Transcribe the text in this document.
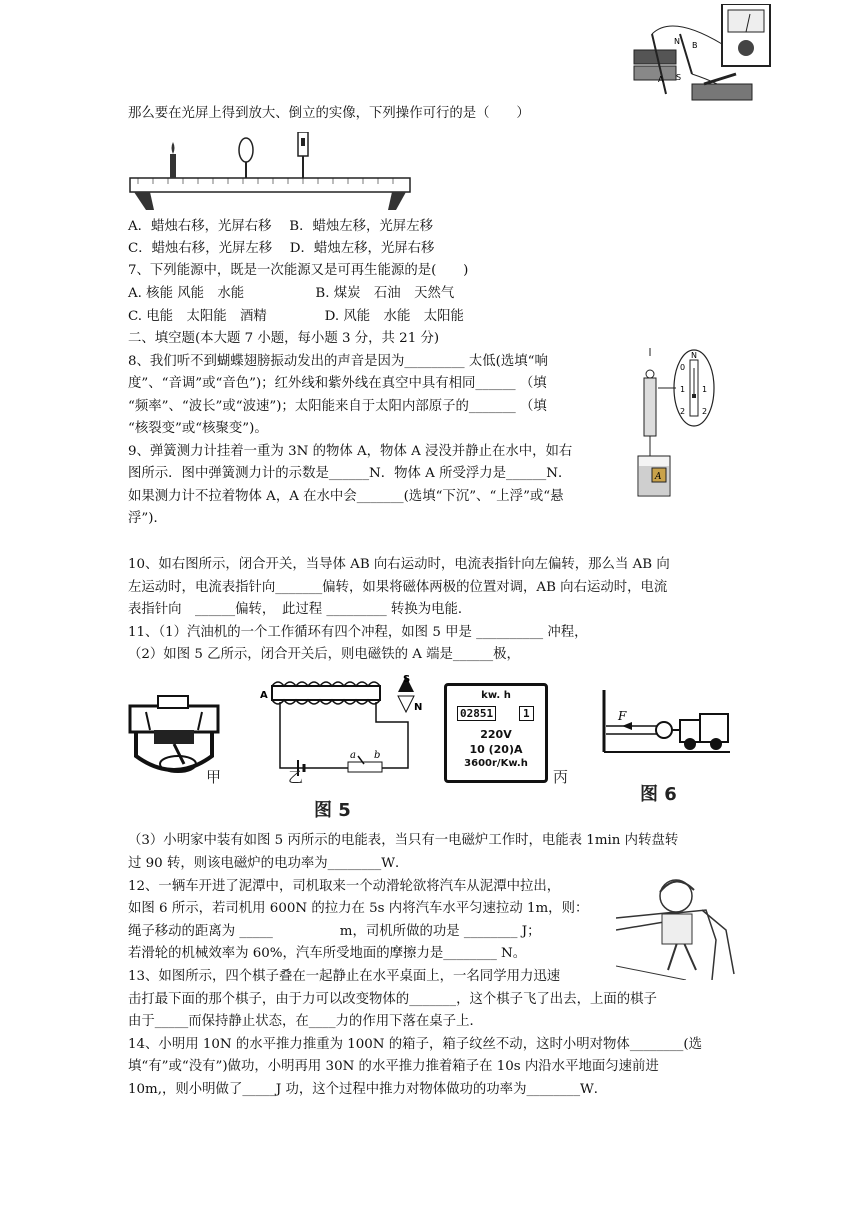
那么要在光屏上得到放大、倒立的实像，下列操作可行的是（　　）
A．蜡烛右移，光屏右移　 B．蜡烛左移，光屏左移
C．蜡烛右移，光屏左移　 D．蜡烛左移，光屏右移
7、下列能源中，既是一次能源又是可再生能源的是(　　)
A. 核能 风能　水能　　　　　 B. 煤炭　石油　天然气
C. 电能　太阳能　酒精　　　　 D. 风能　水能　太阳能
二、填空题(本大题 7 小题，每小题 3 分，共 21 分)
8、我们听不到蝴蝶翅膀振动发出的声音是因为_________ 太低(选填“响
度”、“音调”或“音色”)；红外线和紫外线在真空中具有相同______ （填
“频率”、“波长”或“波速”)；太阳能来自于太阳内部原子的_______ （填
“核裂变”或“核聚变”)。
9、弹簧测力计挂着一重为 3N 的物体 A，物体 A 浸没并静止在水中，如右
图所示．图中弹簧测力计的示数是______N．物体 A 所受浮力是______N．
如果测力计不拉着物体 A，A 在水中会_______(选填“下沉”、“上浮”或“悬
浮”)．
10、如右图所示，闭合开关，当导体 AB 向右运动时，电流表指针向左偏转，那么当 AB 向
左运动时，电流表指针向_______偏转，如果将磁体两极的位置对调，AB 向右运动时，电流
表指针向　______偏转，　此过程 _________ 转换为电能．
11、（1）汽油机的一个工作循环有四个冲程，如图 5 甲是 __________ 冲程，
（2）如图 5 乙所示，闭合开关后，则电磁铁的 A 端是______极，
（3）小明家中装有如图 5 丙所示的电能表，当只有一电磁炉工作时，电能表 1min 内转盘转
过 90 转，则该电磁炉的电功率为________W．
12、一辆车开进了泥潭中，司机取来一个动滑轮欲将汽车从泥潭中拉出，
如图 6 所示，若司机用 600N 的拉力在 5s 内将汽车水平匀速拉动 1m，则：
绳子移动的距离为 _____　　　　　m，司机所做的功是 ________ J；
若滑轮的机械效率为 60%，汽车所受地面的摩擦力是________ N。
13、如图所示，四个棋子叠在一起静止在水平桌面上，一名同学用力迅速
击打最下面的那个棋子，由于力可以改变物体的_______，这个棋子飞了出去，上面的棋子
由于_____而保持静止状态，在____力的作用下落在桌子上．
14、小明用 10N 的水平推力推重为 100N 的箱子，箱子纹丝不动，这时小明对物体________(选
填“有”或“没有”)做功，小明再用 30N 的水平推力推着箱子在 10s 内沿水平地面匀速前进
10m,，则小明做了_____J 功，这个过程中推力对物体做功的功率为________W．
N
S
A
B
A
N
0
1 1
2 2
甲
A
S
N
a b
乙
图 5
kw. h
02851	1
220V
10 (20)A
3600r/Kw.h
丙
F
图 6
